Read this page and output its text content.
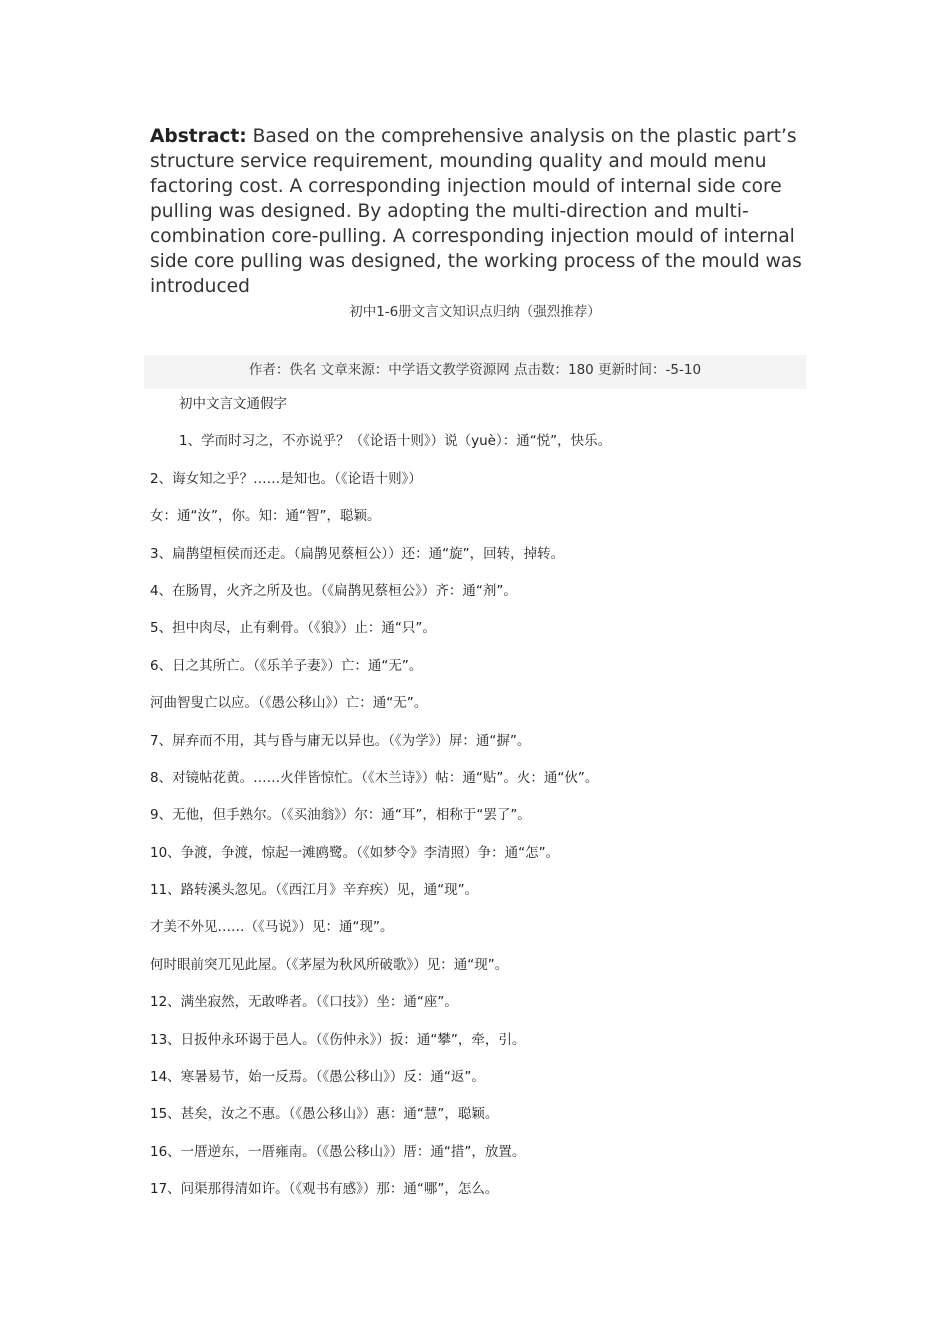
Abstract: Based on the comprehensive analysis on the plastic part’s structure service requirement, mounding quality and mould menu factoring cost. A corresponding injection mould of internal side core pulling was designed. By adopting the multi-direction and multi-combination core-pulling. A corresponding injection mould of internal side core pulling was designed, the working process of the mould was introduced

初中1-6册文言文知识点归纳（强烈推荐）
作者：佚名 文章来源：中学语文教学资源网 点击数：180 更新时间：-5-10
初中文言文通假字
1、学而时习之，不亦说乎？（《论语十则》）说（yuè）：通“悦”，快乐。
2、诲女知之乎？……是知也。（《论语十则》）
女：通“汝”，你。知：通“智”，聪颖。
3、扁鹊望桓侯而还走。（扁鹊见蔡桓公））还：通“旋”，回转，掉转。
4、在肠胃，火齐之所及也。（《扁鹊见蔡桓公》）齐：通“剂”。
5、担中肉尽，止有剩骨。（《狼》）止：通“只”。
6、日之其所亡。（《乐羊子妻》）亡：通“无”。
河曲智叟亡以应。（《愚公移山》）亡：通“无”。
7、屏弃而不用，其与昏与庸无以异也。（《为学》）屏：通“摒”。
8、对镜帖花黄。……火伴皆惊忙。（《木兰诗》）帖：通“贴”。火：通“伙”。
9、无他，但手熟尔。（《买油翁》）尔：通“耳”，相称于“罢了”。
10、争渡，争渡，惊起一滩鸥鹭。（《如梦令》李清照）争：通“怎”。
11、路转溪头忽见。（《西江月》辛弃疾）见，通“现”。
才美不外见……（《马说》）见：通“现”。
何时眼前突兀见此屋。（《茅屋为秋风所破歌》）见：通“现”。
12、满坐寂然，无敢哗者。（《口技》）坐：通“座”。
13、日扳仲永环谒于邑人。（《伤仲永》）扳：通“攀”，牵，引。
14、寒暑易节，始一反焉。（《愚公移山》）反：通“返”。
15、甚矣，汝之不惠。（《愚公移山》）惠：通“慧”，聪颖。
16、一厝逆东，一厝雍南。（《愚公移山》）厝：通“措”，放置。
17、问渠那得清如许。（《观书有感》）那：通“哪”，怎么。
